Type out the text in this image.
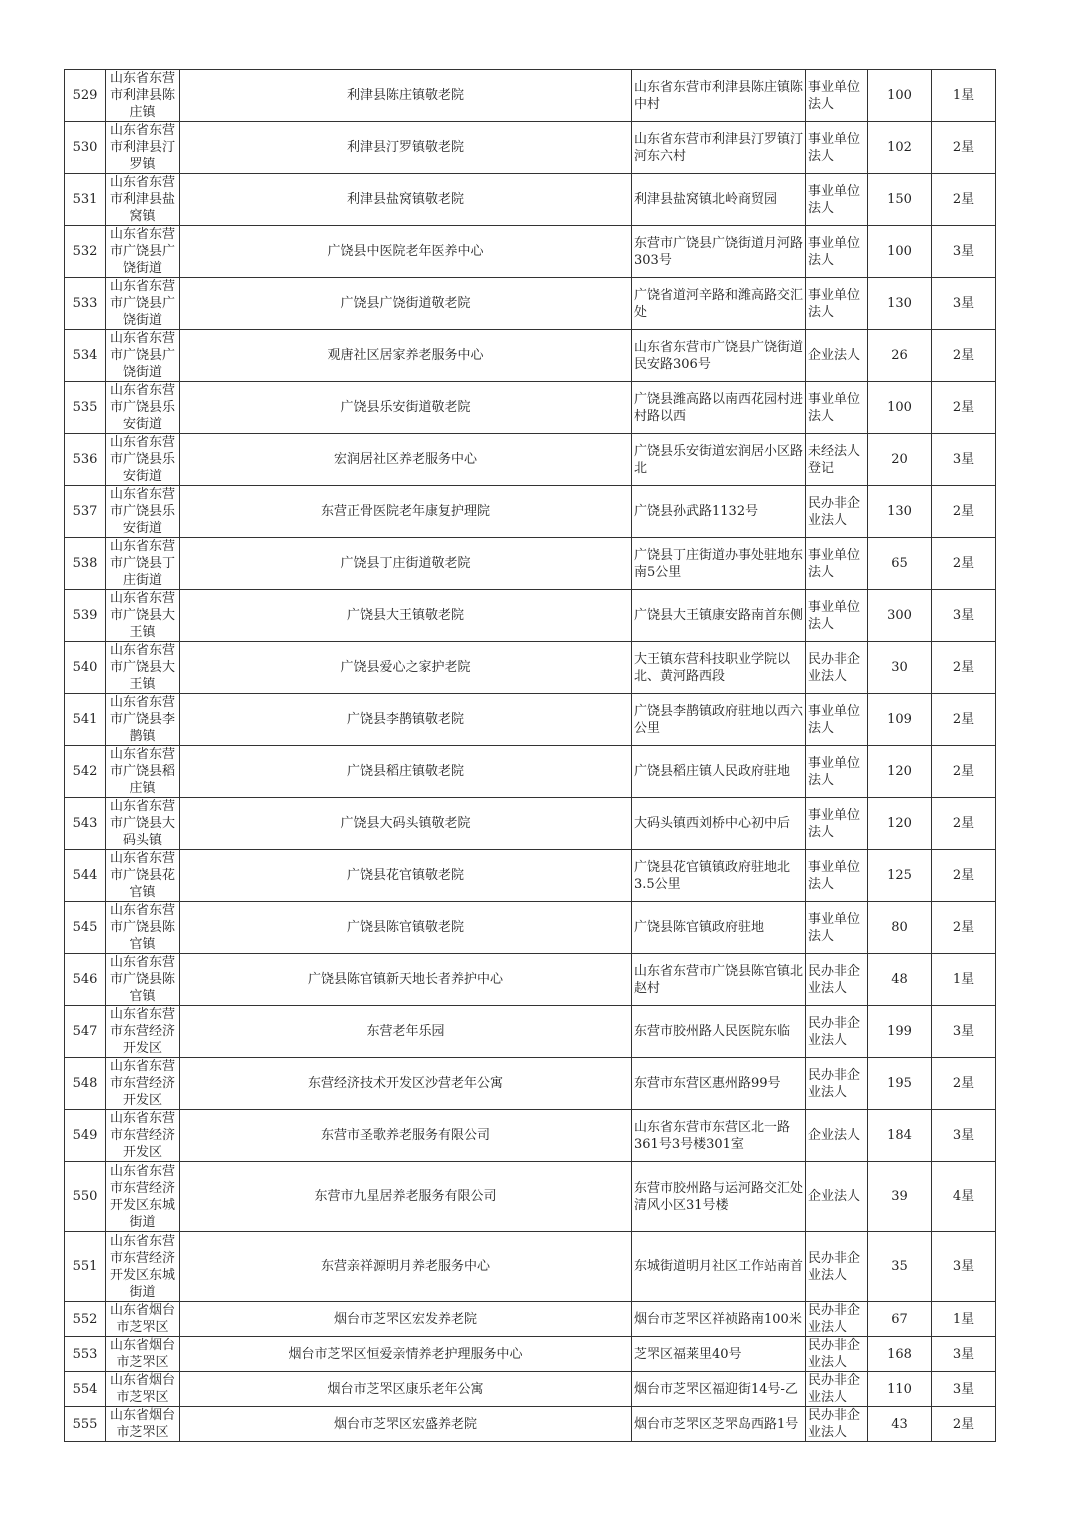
529	山东省东营市利津县陈庄镇	利津县陈庄镇敬老院	山东省东营市利津县陈庄镇陈中村	事业单位法人	100	1星
530	山东省东营市利津县汀罗镇	利津县汀罗镇敬老院	山东省东营市利津县汀罗镇汀河东六村	事业单位法人	102	2星
531	山东省东营市利津县盐窝镇	利津县盐窝镇敬老院	利津县盐窝镇北岭商贸园	事业单位法人	150	2星
532	山东省东营市广饶县广饶街道	广饶县中医院老年医养中心	东营市广饶县广饶街道月河路303号	事业单位法人	100	3星
533	山东省东营市广饶县广饶街道	广饶县广饶街道敬老院	广饶省道河辛路和潍高路交汇处	事业单位法人	130	3星
534	山东省东营市广饶县广饶街道	观唐社区居家养老服务中心	山东省东营市广饶县广饶街道民安路306号	企业法人	26	2星
535	山东省东营市广饶县乐安街道	广饶县乐安街道敬老院	广饶县潍高路以南西花园村进村路以西	事业单位法人	100	2星
536	山东省东营市广饶县乐安街道	宏润居社区养老服务中心	广饶县乐安街道宏润居小区路北	未经法人登记	20	3星
537	山东省东营市广饶县乐安街道	东营正骨医院老年康复护理院	广饶县孙武路1132号	民办非企业法人	130	2星
538	山东省东营市广饶县丁庄街道	广饶县丁庄街道敬老院	广饶县丁庄街道办事处驻地东南5公里	事业单位法人	65	2星
539	山东省东营市广饶县大王镇	广饶县大王镇敬老院	广饶县大王镇康安路南首东侧	事业单位法人	300	3星
540	山东省东营市广饶县大王镇	广饶县爱心之家护老院	大王镇东营科技职业学院以北、黄河路西段	民办非企业法人	30	2星
541	山东省东营市广饶县李鹊镇	广饶县李鹊镇敬老院	广饶县李鹊镇政府驻地以西六公里	事业单位法人	109	2星
542	山东省东营市广饶县稻庄镇	广饶县稻庄镇敬老院	广饶县稻庄镇人民政府驻地	事业单位法人	120	2星
543	山东省东营市广饶县大码头镇	广饶县大码头镇敬老院	大码头镇西刘桥中心初中后	事业单位法人	120	2星
544	山东省东营市广饶县花官镇	广饶县花官镇敬老院	广饶县花官镇镇政府驻地北3.5公里	事业单位法人	125	2星
545	山东省东营市广饶县陈官镇	广饶县陈官镇敬老院	广饶县陈官镇政府驻地	事业单位法人	80	2星
546	山东省东营市广饶县陈官镇	广饶县陈官镇新天地长者养护中心	山东省东营市广饶县陈官镇北赵村	民办非企业法人	48	1星
547	山东省东营市东营经济开发区	东营老年乐园	东营市胶州路人民医院东临	民办非企业法人	199	3星
548	山东省东营市东营经济开发区	东营经济技术开发区沙营老年公寓	东营市东营区惠州路99号	民办非企业法人	195	2星
549	山东省东营市东营经济开发区	东营市圣歌养老服务有限公司	山东省东营市东营区北一路361号3号楼301室	企业法人	184	3星
550	山东省东营市东营经济开发区东城街道	东营市九星居养老服务有限公司	东营市胶州路与运河路交汇处清风小区31号楼	企业法人	39	4星
551	山东省东营市东营经济开发区东城街道	东营亲祥源明月养老服务中心	东城街道明月社区工作站南首	民办非企业法人	35	3星
552	山东省烟台市芝罘区	烟台市芝罘区宏发养老院	烟台市芝罘区祥祯路南100米	民办非企业法人	67	1星
553	山东省烟台市芝罘区	烟台市芝罘区恒爱亲情养老护理服务中心	芝罘区福莱里40号	民办非企业法人	168	3星
554	山东省烟台市芝罘区	烟台市芝罘区康乐老年公寓	烟台市芝罘区福迎街14号-乙	民办非企业法人	110	3星
555	山东省烟台市芝罘区	烟台市芝罘区宏盛养老院	烟台市芝罘区芝罘岛西路1号	民办非企业法人	43	2星
